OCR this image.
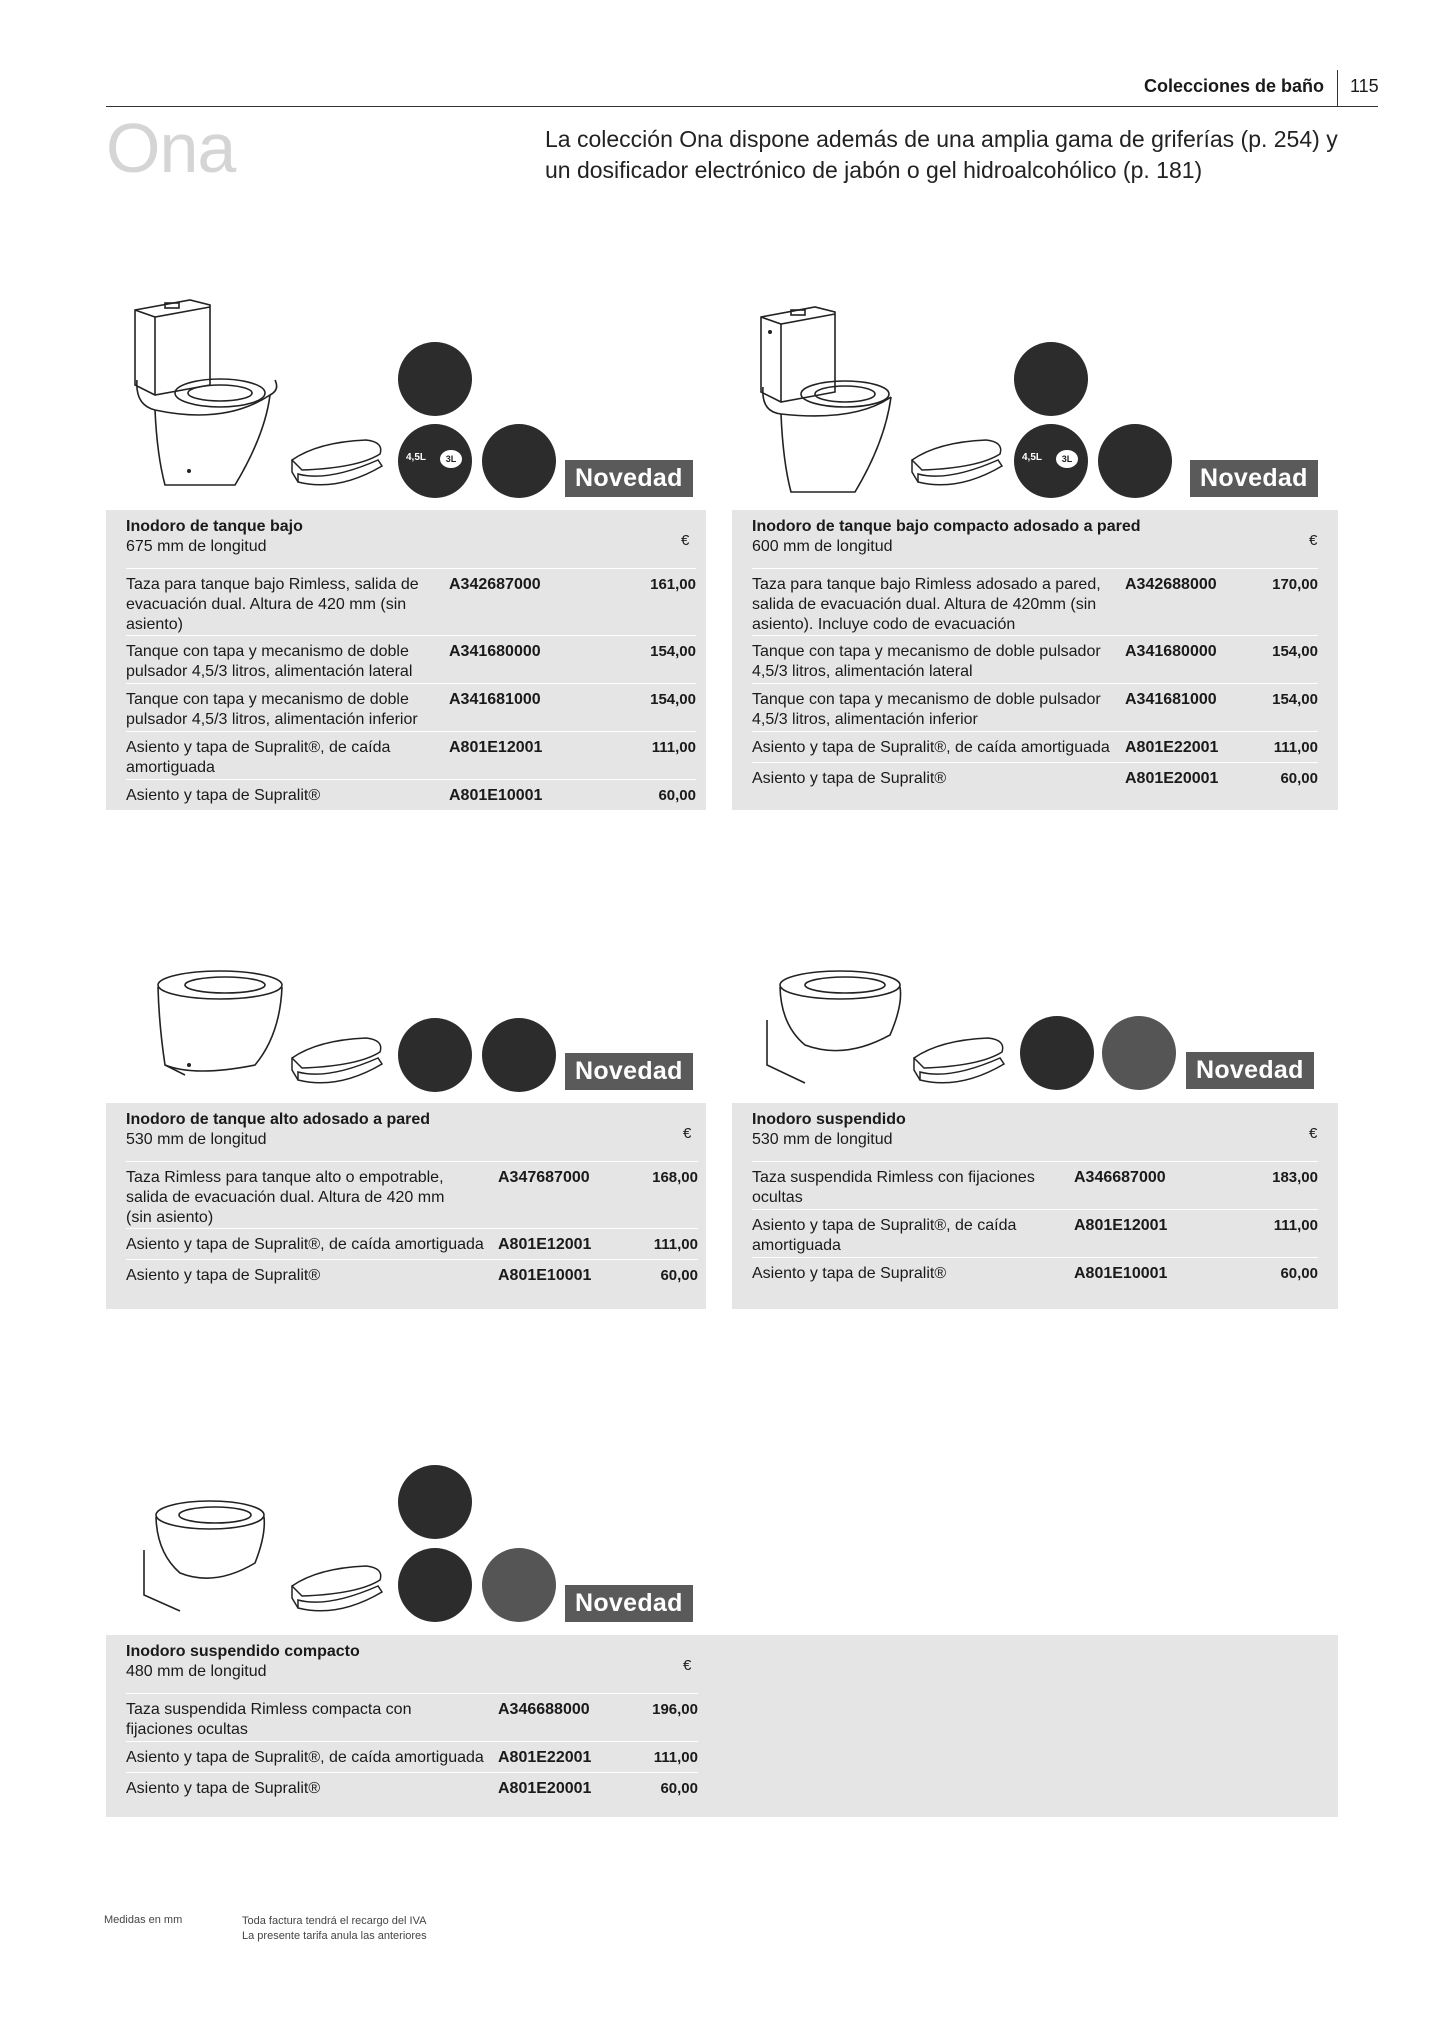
Colecciones de baño 115
Ona	La colección Ona dispone además de una amplia gama de griferías (p. 254) y un dosificador electrónico de jabón o gel hidroalcohólico (p. 181)
4,5L	3L
Novedad
4,5L	3L
Novedad
Inodoro de tanque bajo
675 mm de longitud	€
Taza para tanque bajo Rimless, salida de evacuación dual. Altura de 420 mm (sin asiento)
A342687000	161,00
Tanque con tapa y mecanismo de doble pulsador 4,5/3 litros, alimentación lateral
A341680000	154,00
Tanque con tapa y mecanismo de doble pulsador 4,5/3 litros, alimentación inferior
A341681000	154,00
Asiento y tapa de Supralit®, de caída amortiguada
A801E12001	111,00
Asiento y tapa de Supralit®	A801E10001	60,00
Inodoro de tanque bajo compacto adosado a pared
600 mm de longitud	€
Taza para tanque bajo Rimless adosado a pared, salida de evacuación dual. Altura de 420mm (sin asiento). Incluye codo de evacuación
A342688000	170,00
Tanque con tapa y mecanismo de doble pulsador 4,5/3 litros, alimentación lateral
A341680000	154,00
Tanque con tapa y mecanismo de doble pulsador 4,5/3 litros, alimentación inferior
A341681000	154,00
Asiento y tapa de Supralit®, de caída amortiguada A801E22001	111,00
Asiento y tapa de Supralit®	A801E20001	60,00
Novedad	Novedad
Inodoro de tanque alto adosado a pared
530 mm de longitud	€
Taza Rimless para tanque alto o empotrable, salida de evacuación dual. Altura de 420 mm (sin asiento)
A347687000	168,00
Asiento y tapa de Supralit®, de caída amortiguada A801E12001	111,00
Asiento y tapa de Supralit®	A801E10001	60,00
Inodoro suspendido
530 mm de longitud	€
Taza suspendida Rimless con fijaciones ocultas
A346687000	183,00
Asiento y tapa de Supralit®, de caída amortiguada
A801E12001	111,00
Asiento y tapa de Supralit®	A801E10001	60,00
Novedad
Inodoro suspendido compacto
480 mm de longitud	€
Taza suspendida Rimless compacta con fijaciones ocultas
A346688000	196,00
Asiento y tapa de Supralit®, de caída amortiguada A801E22001	111,00
Asiento y tapa de Supralit®	A801E20001	60,00
Medidas en mm	Toda factura tendrá el recargo del IVA
La presente tarifa anula las anteriores
